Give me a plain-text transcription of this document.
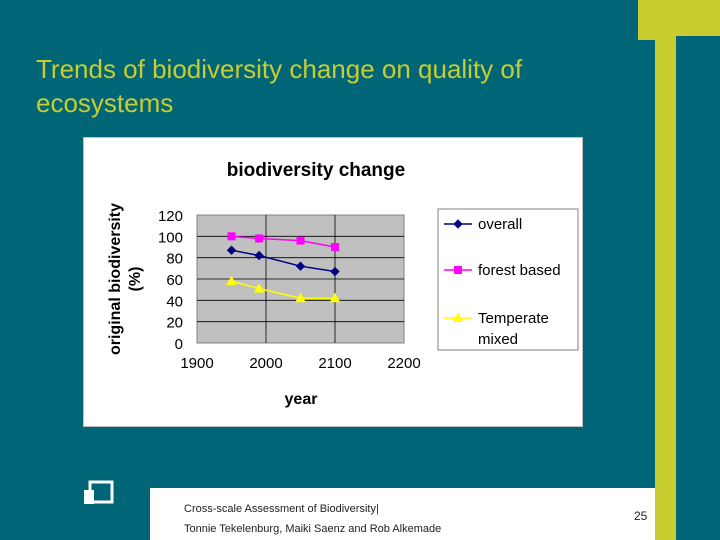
Trends of biodiversity change on quality of ecosystems
biodiversity change
0
20
40
60
80
100
120
1900 2000 2100 2200
year
original biodiversity (%)
overall
forest based
Temperate
mixed
Cross-scale Assessment of Biodiversity|
Tonnie Tekelenburg, Maiki Saenz and Rob Alkemade
25
